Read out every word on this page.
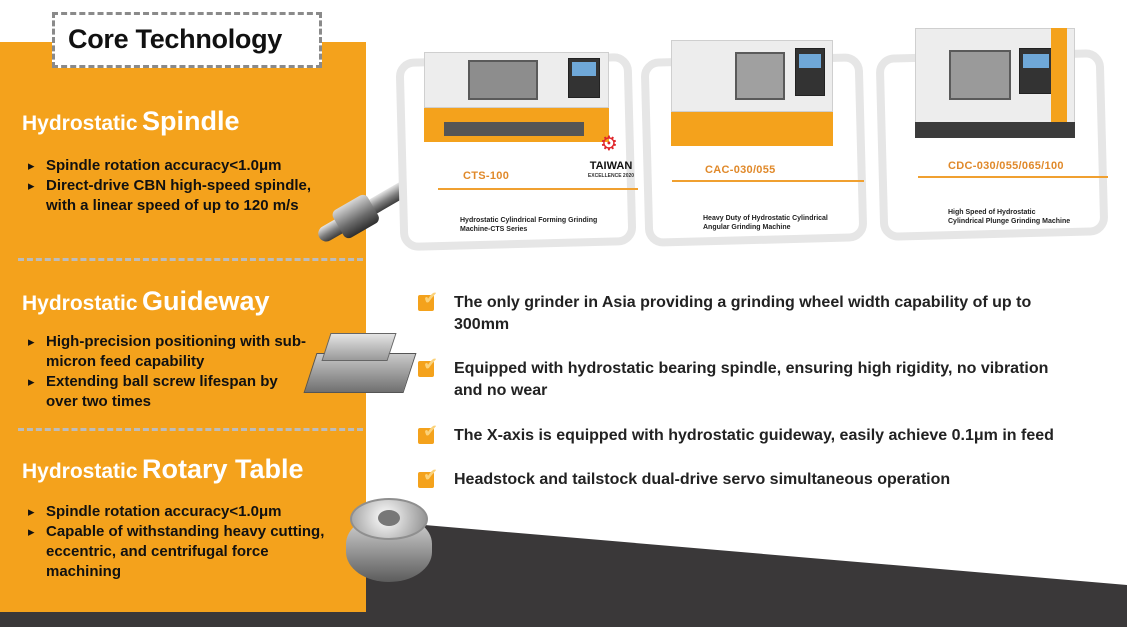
Core Technology
Hydrostatic Spindle
▸ Spindle rotation accuracy<1.0μm
▸ Direct-drive CBN high-speed spindle, with a linear speed of up to 120 m/s
Hydrostatic Guideway
▸ High-precision positioning with sub-micron feed capability
▸ Extending ball screw lifespan by over two times
Hydrostatic Rotary Table
▸ Spindle rotation accuracy<1.0μm
▸ Capable of withstanding heavy cutting, eccentric, and centrifugal force machining
⚙
TAIWAN
EXCELLENCE 2020
CTS-100
Hydrostatic Cylindrical Forming Grinding
Machine-CTS Series
CAC-030/055
Heavy Duty of Hydrostatic Cylindrical
Angular Grinding Machine
CDC-030/055/065/100
High Speed of Hydrostatic
Cylindrical Plunge Grinding Machine
✔ The only grinder in Asia providing a grinding wheel width capability of up to
300mm
✔ Equipped with hydrostatic bearing spindle, ensuring high rigidity, no vibration
and no wear
✔ The X-axis is equipped with hydrostatic guideway, easily achieve 0.1μm in feed
✔ Headstock and tailstock dual-drive servo simultaneous operation
